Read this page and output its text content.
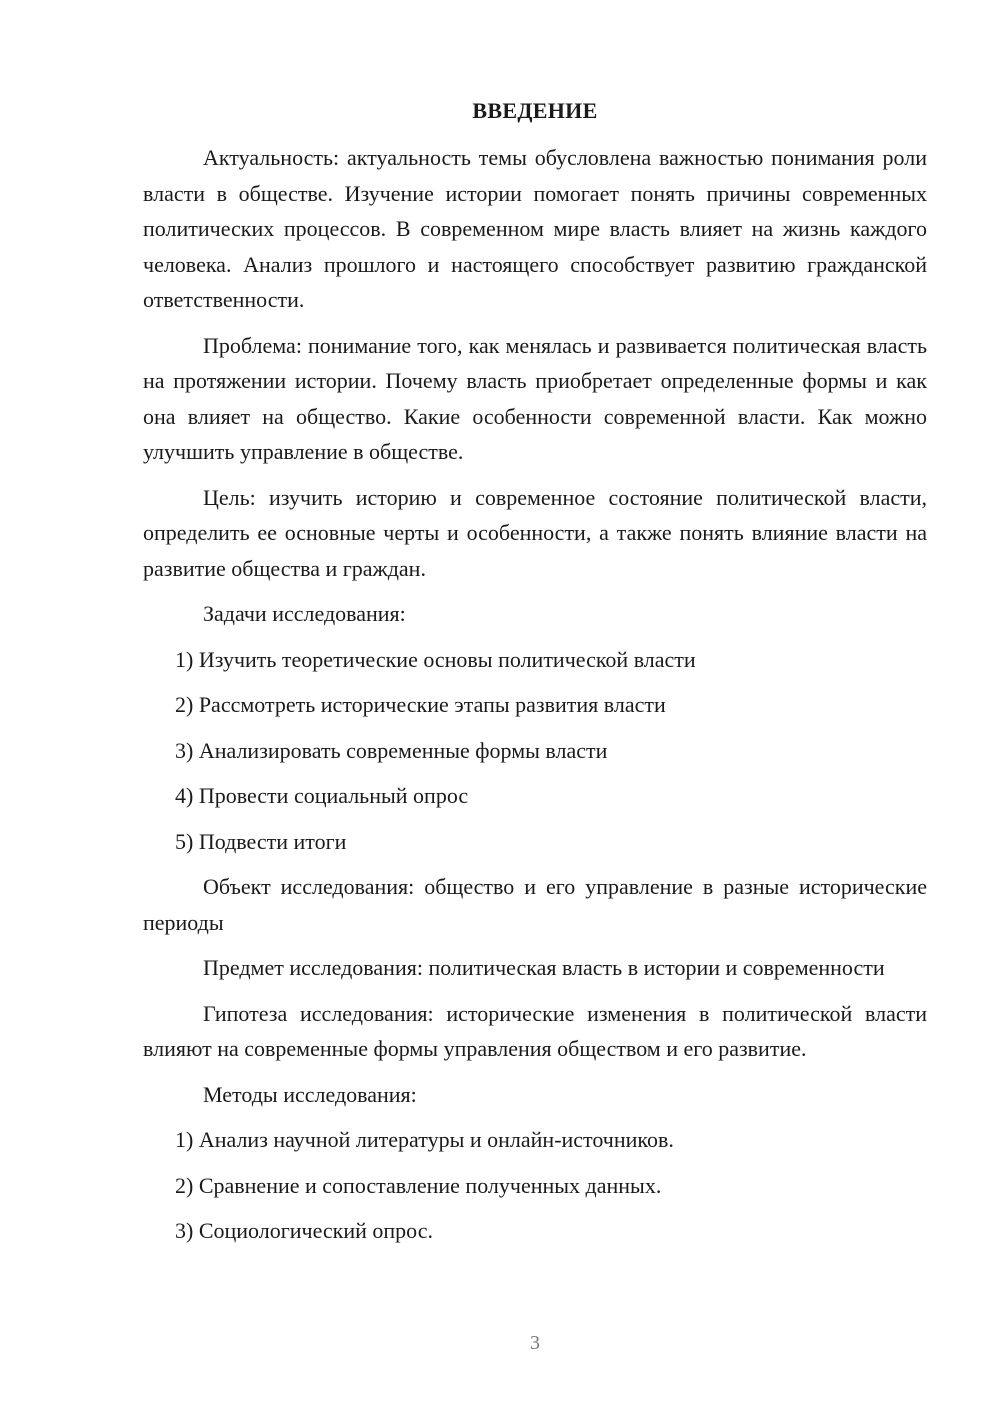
ВВЕДЕНИЕ

Актуальность: актуальность темы обусловлена важностью понимания роли власти в обществе. Изучение истории помогает понять причины современных политических процессов. В современном мире власть влияет на жизнь каждого человека. Анализ прошлого и настоящего способствует развитию гражданской ответственности.

Проблема: понимание того, как менялась и развивается политическая власть на протяжении истории. Почему власть приобретает определенные формы и как она влияет на общество. Какие особенности современной власти. Как можно улучшить управление в обществе.

Цель: изучить историю и современное состояние политической власти, определить ее основные черты и особенности, а также понять влияние власти на развитие общества и граждан.

Задачи исследования:
1) Изучить теоретические основы политической власти
2) Рассмотреть исторические этапы развития власти
3) Анализировать современные формы власти
4) Провести социальный опрос
5) Подвести итоги

Объект исследования: общество и его управление в разные исторические периоды

Предмет исследования: политическая власть в истории и современности

Гипотеза исследования: исторические изменения в политической власти влияют на современные формы управления обществом и его развитие.

Методы исследования:
1) Анализ научной литературы и онлайн-источников.
2) Сравнение и сопоставление полученных данных.
3) Социологический опрос.
3
